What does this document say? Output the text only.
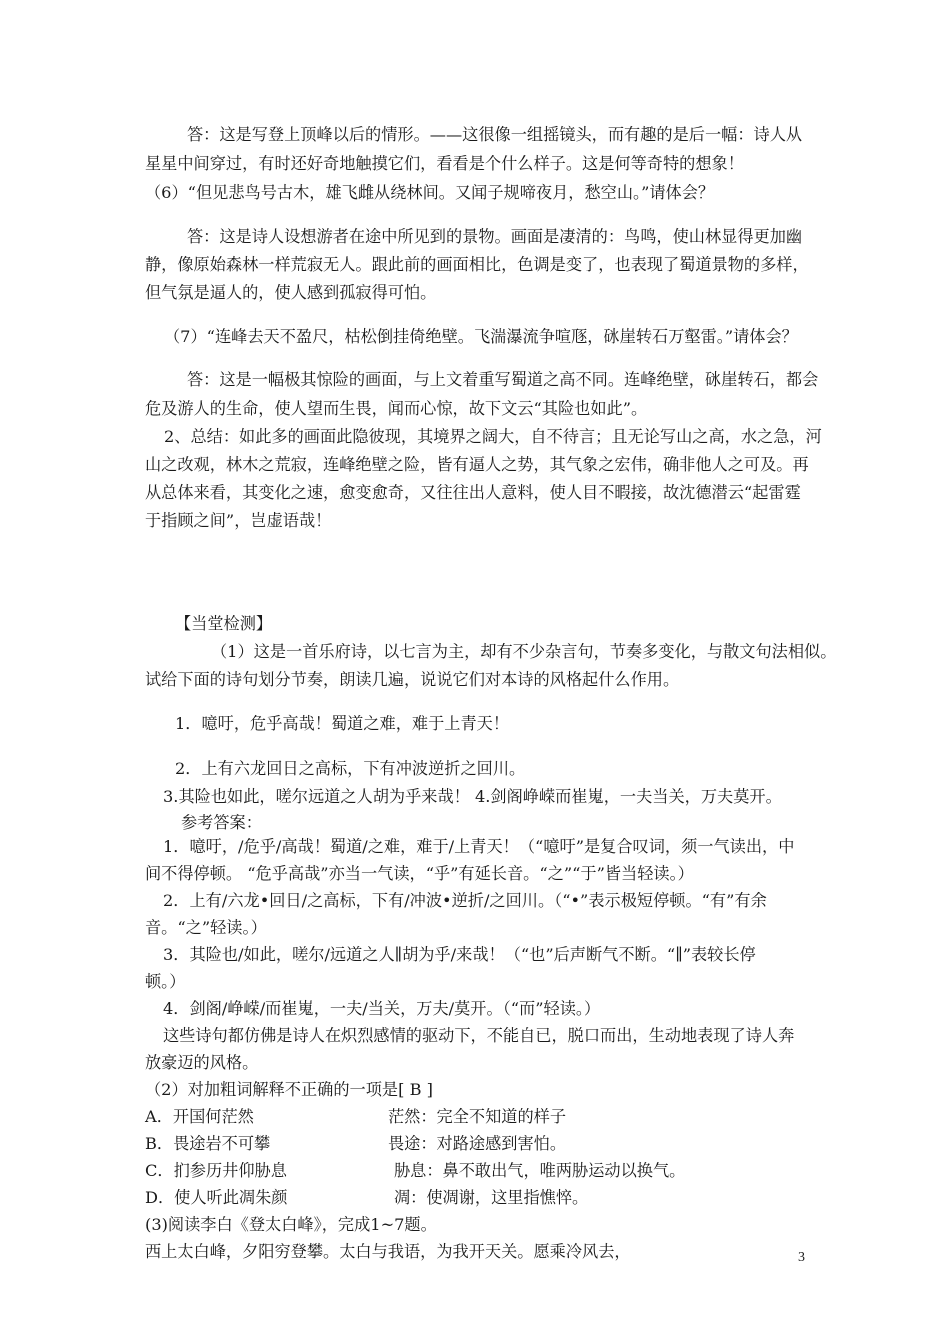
答：这是写登上顶峰以后的情形。——这很像一组摇镜头，而有趣的是后一幅：诗人从
星星中间穿过，有时还好奇地触摸它们，看看是个什么样子。这是何等奇特的想象！
（6）“但见悲鸟号古木，雄飞雌从绕林间。又闻子规啼夜月，愁空山。”请体会？
答：这是诗人设想游者在途中所见到的景物。画面是凄清的：鸟鸣，使山林显得更加幽
静，像原始森林一样荒寂无人。跟此前的画面相比，色调是变了，也表现了蜀道景物的多样，
但气氛是逼人的，使人感到孤寂得可怕。
（7）“连峰去天不盈尺，枯松倒挂倚绝壁。飞湍瀑流争喧豗，砯崖转石万壑雷。”请体会？
答：这是一幅极其惊险的画面，与上文着重写蜀道之高不同。连峰绝壁，砯崖转石，都会
危及游人的生命，使人望而生畏，闻而心惊，故下文云“其险也如此”。
2、总结：如此多的画面此隐彼现，其境界之阔大，自不待言；且无论写山之高，水之急，河
山之改观，林木之荒寂，连峰绝壁之险，皆有逼人之势，其气象之宏伟，确非他人之可及。再
从总体来看，其变化之速，愈变愈奇，又往往出人意料，使人目不暇接，故沈德潜云“起雷霆
于指顾之间”，岂虚语哉！
【当堂检测】
（1）这是一首乐府诗，以七言为主，却有不少杂言句，节奏多变化，与散文句法相似。
试给下面的诗句划分节奏，朗读几遍，说说它们对本诗的风格起什么作用。
1．噫吁，危乎高哉！蜀道之难，难于上青天！
2．上有六龙回日之高标，下有冲波逆折之回川。
3.其险也如此，嗟尔远道之人胡为乎来哉！ 4.剑阁峥嵘而崔嵬，一夫当关，万夫莫开。
参考答案：
1．噫吁，/危乎/高哉！蜀道/之难，难于/上青天！（“噫吁”是复合叹词，须一气读出，中
间不得停顿。 “危乎高哉”亦当一气读，“乎”有延长音。“之”“于”皆当轻读。）
2．上有/六龙•回日/之高标，下有/冲波•逆折/之回川。（“•”表示极短停顿。“有”有余
音。“之”轻读。）
3．其险也/如此，嗟尔/远道之人∥胡为乎/来哉！（“也”后声断气不断。“∥”表较长停
顿。）
4．剑阁/峥嵘/而崔嵬，一夫/当关，万夫/莫开。（“而”轻读。）
这些诗句都仿佛是诗人在炽烈感情的驱动下，不能自已，脱口而出，生动地表现了诗人奔
放豪迈的风格。
（2）对加粗词解释不正确的一项是[ B ]
A．开国何茫然	茫然：完全不知道的样子
B．畏途岩不可攀	畏途：对路途感到害怕。
C．扪参历井仰胁息	胁息：鼻不敢出气，唯两胁运动以换气。
D．使人听此凋朱颜	凋：使凋谢，这里指憔悴。
(3)阅读李白《登太白峰》，完成1~7题。
西上太白峰，夕阳穷登攀。太白与我语，为我开天关。愿乘冷风去，	3
